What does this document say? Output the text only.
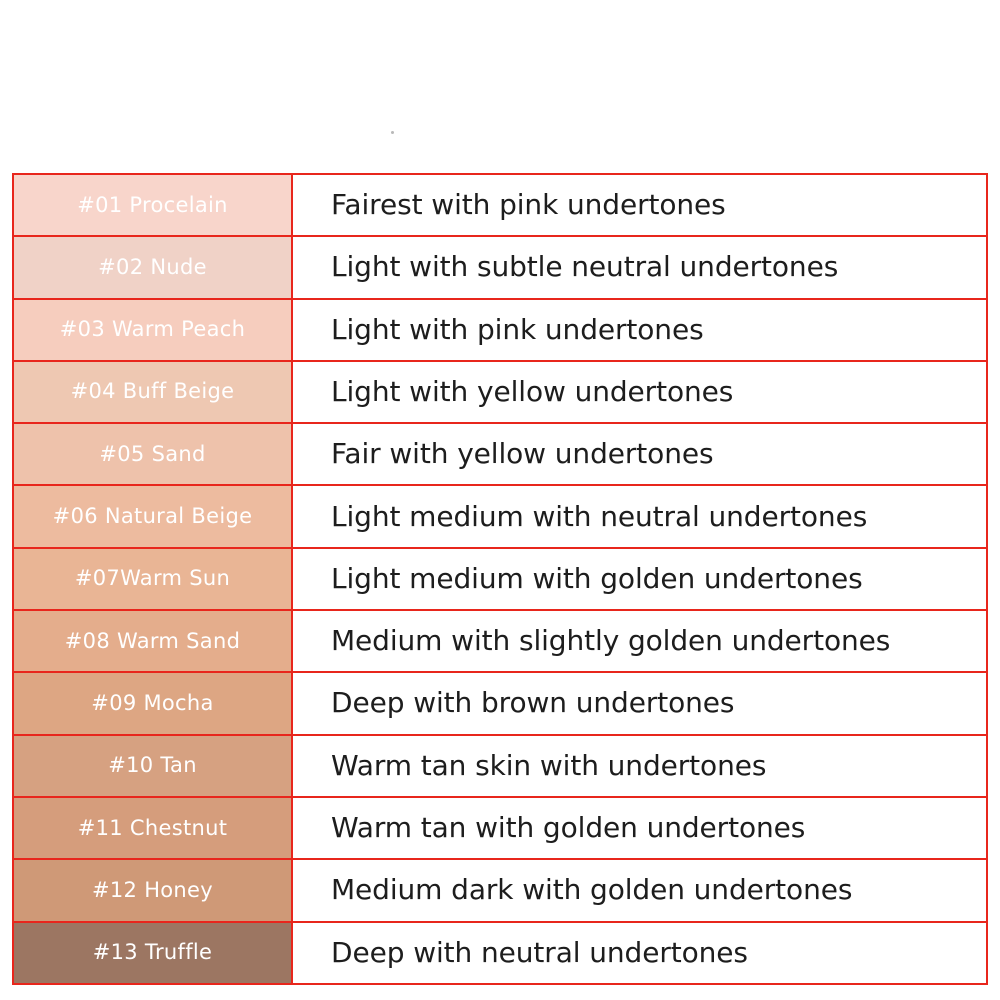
#01 Procelain	Fairest with pink undertones

#02 Nude	Light with subtle neutral undertones

#03 Warm Peach	Light with pink undertones

#04 Buff Beige	Light with yellow undertones

#05 Sand	Fair with yellow undertones

#06 Natural Beige	Light medium with neutral undertones

#07Warm Sun	Light medium with golden undertones

#08 Warm Sand	Medium with slightly golden undertones

#09 Mocha	Deep with brown undertones

#10 Tan	Warm tan skin with undertones

#11 Chestnut	Warm tan with golden undertones

#12 Honey	Medium dark with golden undertones

#13 Truffle	Deep with neutral undertones
